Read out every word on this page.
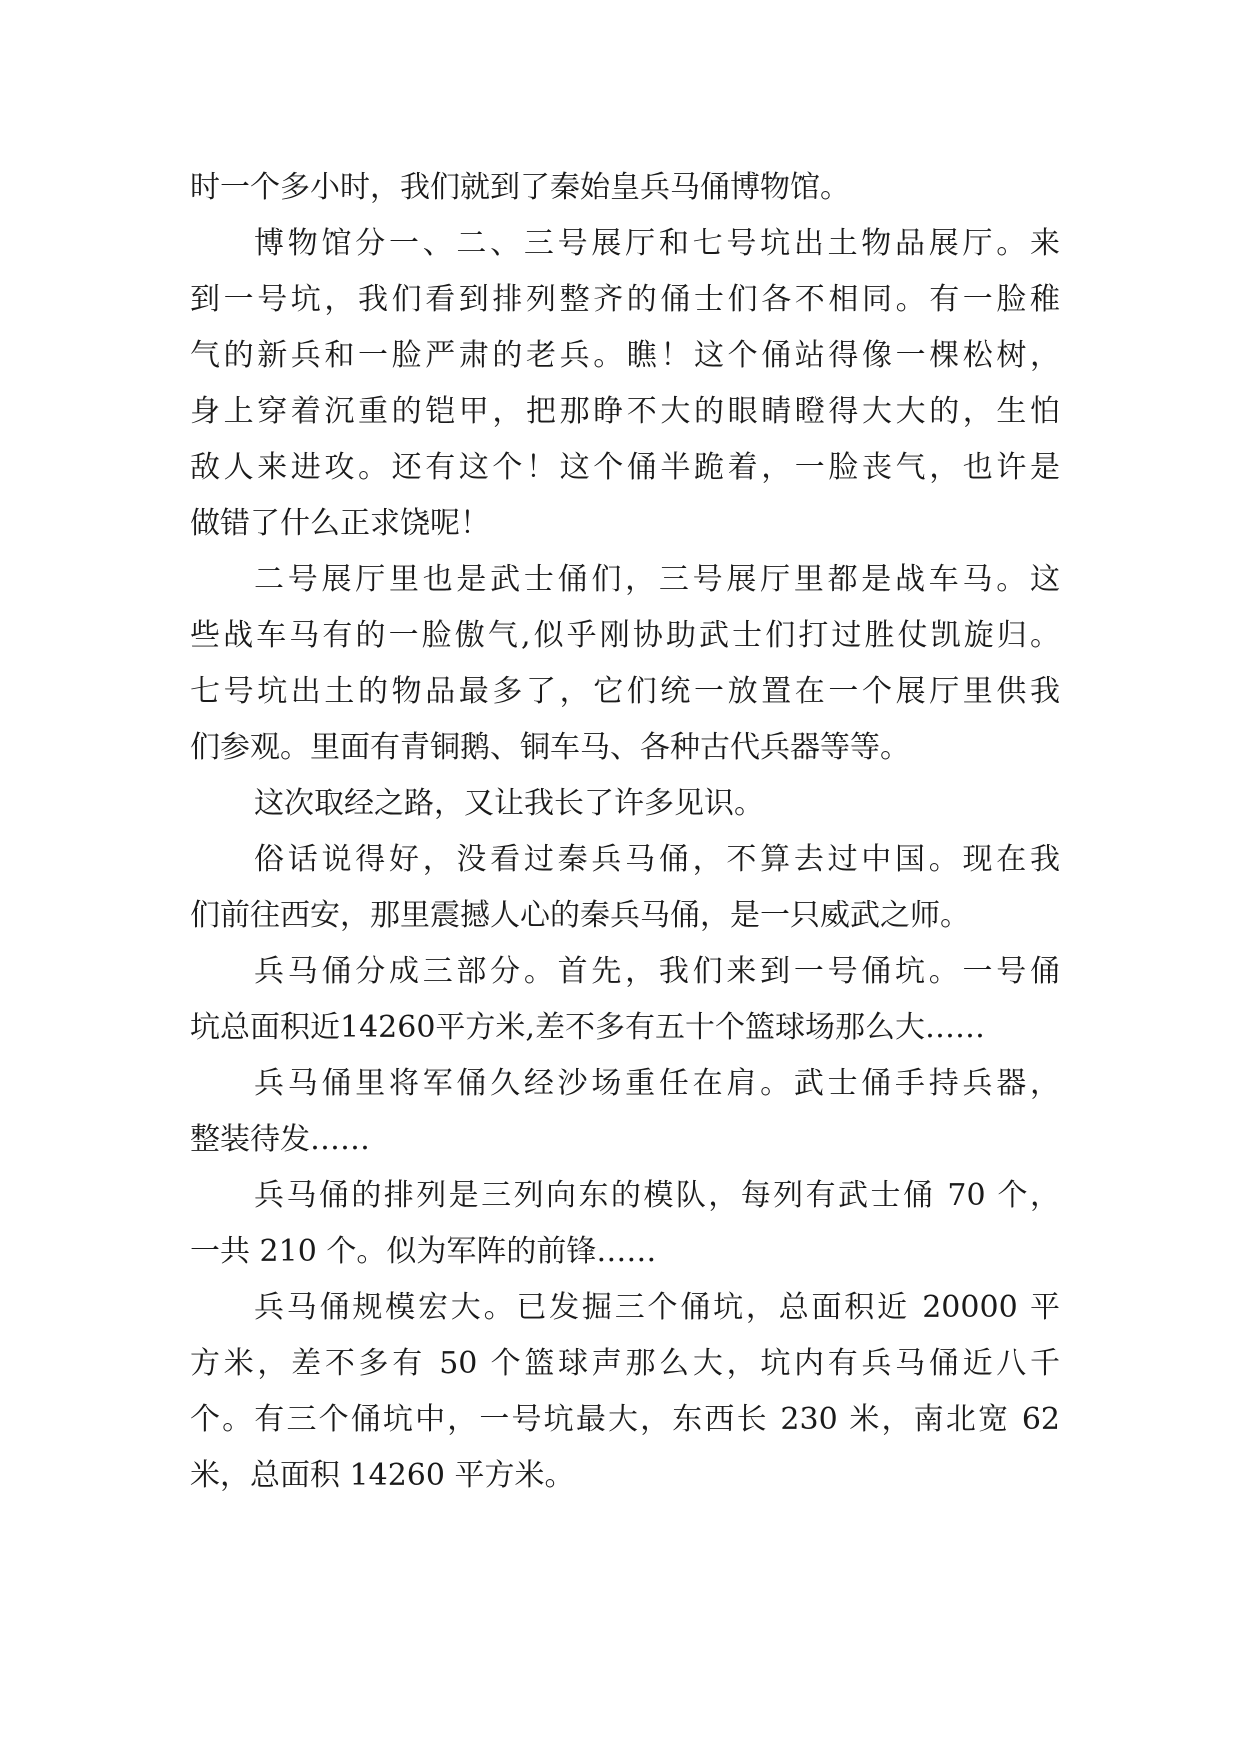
时一个多小时，我们就到了秦始皇兵马俑博物馆。
博物馆分一、二、三号展厅和七号坑出土物品展厅。来
到一号坑，我们看到排列整齐的俑士们各不相同。有一脸稚
气的新兵和一脸严肃的老兵。瞧！这个俑站得像一棵松树，
身上穿着沉重的铠甲，把那睁不大的眼睛瞪得大大的，生怕
敌人来进攻。还有这个！这个俑半跪着，一脸丧气，也许是
做错了什么正求饶呢！
二号展厅里也是武士俑们，三号展厅里都是战车马。这
些战车马有的一脸傲气,似乎刚协助武士们打过胜仗凯旋归。
七号坑出土的物品最多了，它们统一放置在一个展厅里供我
们参观。里面有青铜鹅、铜车马、各种古代兵器等等。
这次取经之路，又让我长了许多见识。
俗话说得好，没看过秦兵马俑，不算去过中国。现在我
们前往西安，那里震撼人心的秦兵马俑，是一只威武之师。
兵马俑分成三部分。首先，我们来到一号俑坑。一号俑
坑总面积近14260平方米,差不多有五十个篮球场那么大……
兵马俑里将军俑久经沙场重任在肩。武士俑手持兵器，
整装待发……
兵马俑的排列是三列向东的模队，每列有武士俑 70 个，
一共 210 个。似为军阵的前锋……
兵马俑规模宏大。已发掘三个俑坑，总面积近 20000 平
方米，差不多有 50 个篮球声那么大，坑内有兵马俑近八千
个。有三个俑坑中，一号坑最大，东西长 230 米，南北宽 62
米，总面积 14260 平方米。
